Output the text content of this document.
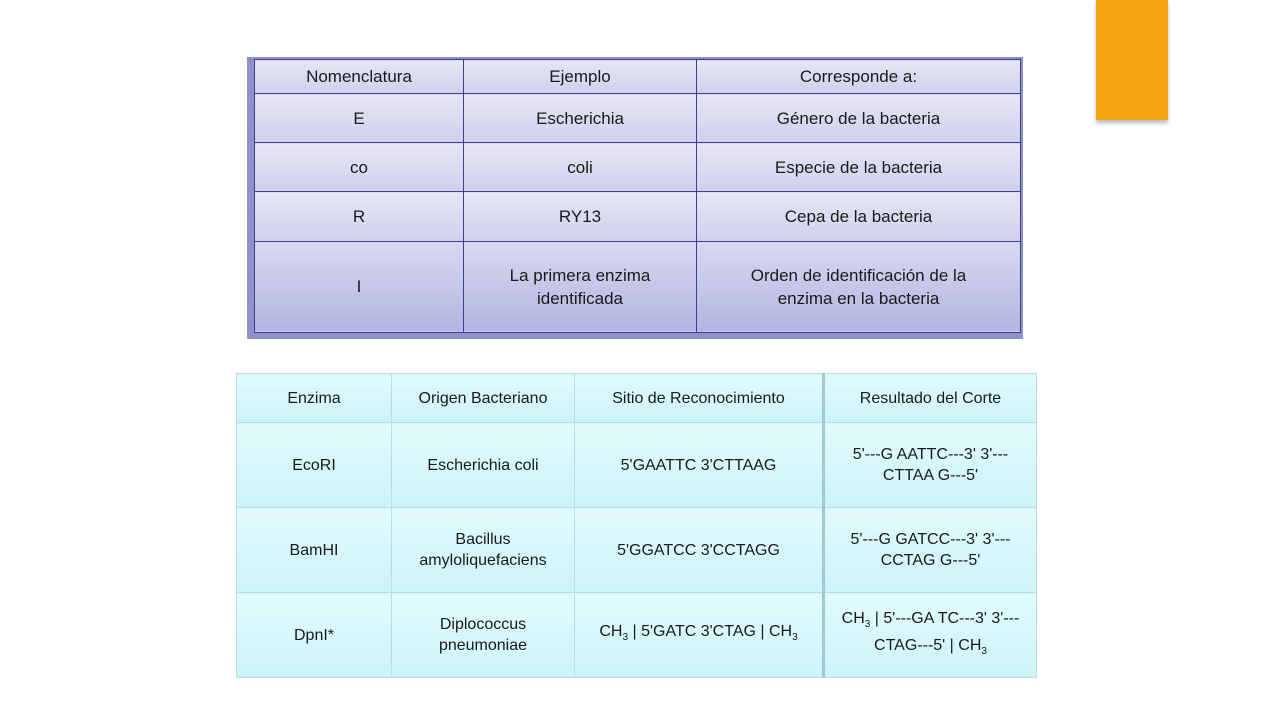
Nomenclatura	Ejemplo	Corresponde a:
E	Escherichia	Género de la bacteria
co	coli	Especie de la bacteria
R	RY13	Cepa de la bacteria
I	La primera enzima identificada	Orden de identificación de la enzima en la bacteria
Enzima	Origen Bacteriano	Sitio de Reconocimiento	Resultado del Corte
EcoRI	Escherichia coli	5'GAATTC 3'CTTAAG	5'---G AATTC---3' 3'---CTTAA G---5'
BamHI	Bacillus amyloliquefaciens	5'GGATCC 3'CCTAGG	5'---G GATCC---3' 3'---CCTAG G---5'
DpnI*	Diplococcus pneumoniae	$CH_3$ | 5'GATC 3'CTAG | $CH_3$	$CH_3$ | 5'---GA TC---3' 3'---CTAG---5' | $CH_3$
